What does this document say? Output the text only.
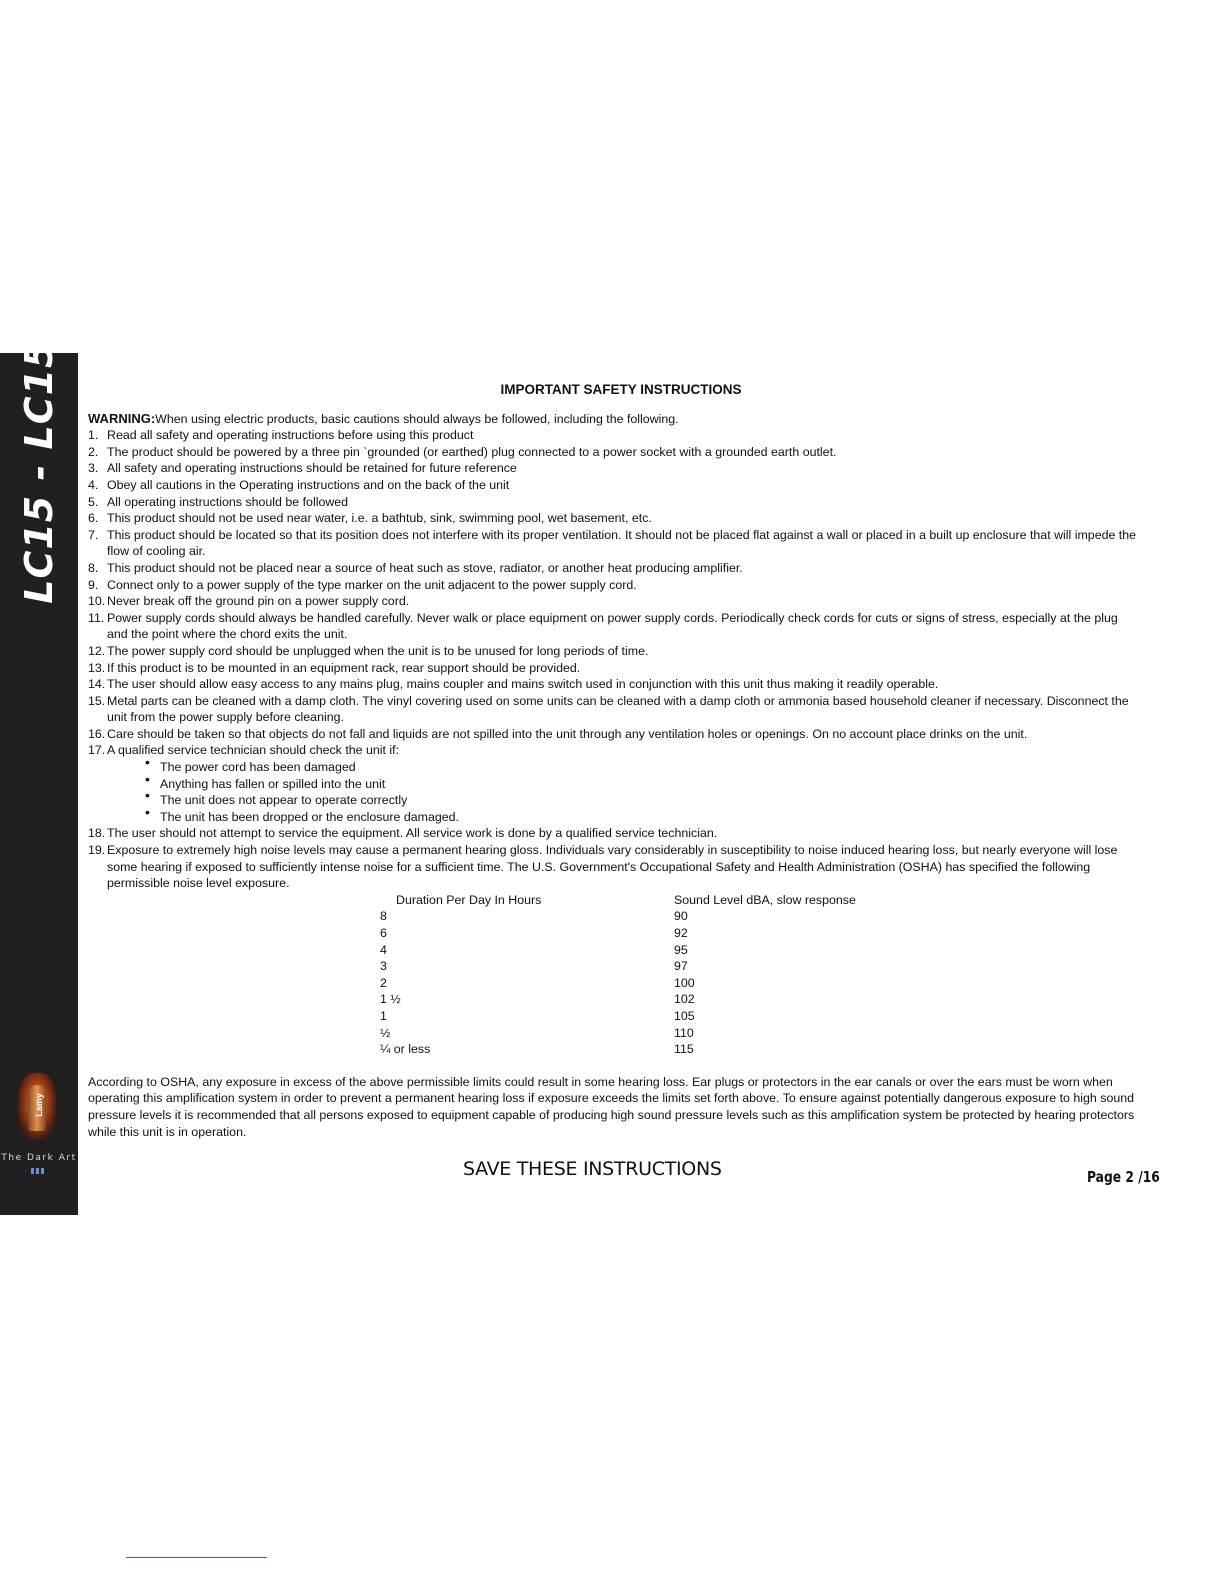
LC15 - LC15R
Lamy
The Dark Art
IMPORTANT SAFETY INSTRUCTIONS

WARNING:When using electric products, basic cautions should always be followed, including the following.

1. Read all safety and operating instructions before using this product
2. The product should be powered by a three pin `grounded (or earthed) plug connected to a power socket with a grounded earth outlet.
3. All safety and operating instructions should be retained for future reference
4. Obey all cautions in the Operating instructions and on the back of the unit
5. All operating instructions should be followed
6. This product should not be used near water, i.e. a bathtub, sink, swimming pool, wet basement, etc.
7. This product should be located so that its position does not interfere with its proper ventilation. It should not be placed flat against a wall or placed in a built up enclosure that will impede the flow of cooling air.
8. This product should not be placed near a source of heat such as stove, radiator, or another heat producing amplifier.
9. Connect only to a power supply of the type marker on the unit adjacent to the power supply cord.
10. Never break off the ground pin on a power supply cord.
11. Power supply cords should always be handled carefully. Never walk or place equipment on power supply cords. Periodically check cords for cuts or signs of stress, especially at the plug and the point where the chord exits the unit.
12. The power supply cord should be unplugged when the unit is to be unused for long periods of time.
13. If this product is to be mounted in an equipment rack, rear support should be provided.
14. The user should allow easy access to any mains plug, mains coupler and mains switch used in conjunction with this unit thus making it readily operable.
15. Metal parts can be cleaned with a damp cloth. The vinyl covering used on some units can be cleaned with a damp cloth or ammonia based household cleaner if necessary. Disconnect the unit from the power supply before cleaning.
16. Care should be taken so that objects do not fall and liquids are not spilled into the unit through any ventilation holes or openings. On no account place drinks on the unit.
17. A qualified service technician should check the unit if:
• The power cord has been damaged
• Anything has fallen or spilled into the unit
• The unit does not appear to operate correctly
• The unit has been dropped or the enclosure damaged.
18. The user should not attempt to service the equipment. All service work is done by a qualified service technician.
19. Exposure to extremely high noise levels may cause a permanent hearing gloss. Individuals vary considerably in susceptibility to noise induced hearing loss, but nearly everyone will lose some hearing if exposed to sufficiently intense noise for a sufficient time. The U.S. Government's Occupational Safety and Health Administration (OSHA) has specified the following permissible noise level exposure.
Duration Per Day In Hours	Sound Level dBA, slow response
8	90
6	92
4	95
3	97
2	100
1 ½	102
1	105
½	110
¼ or less	115

According to OSHA, any exposure in excess of the above permissible limits could result in some hearing loss. Ear plugs or protectors in the ear canals or over the ears must be worn when operating this amplification system in order to prevent a permanent hearing loss if exposure exceeds the limits set forth above. To ensure against potentially dangerous exposure to high sound pressure levels it is recommended that all persons exposed to equipment capable of producing high sound pressure levels such as this amplification system be protected by hearing protectors while this unit is in operation.

SAVE THESE INSTRUCTIONS	Page 2 /16
